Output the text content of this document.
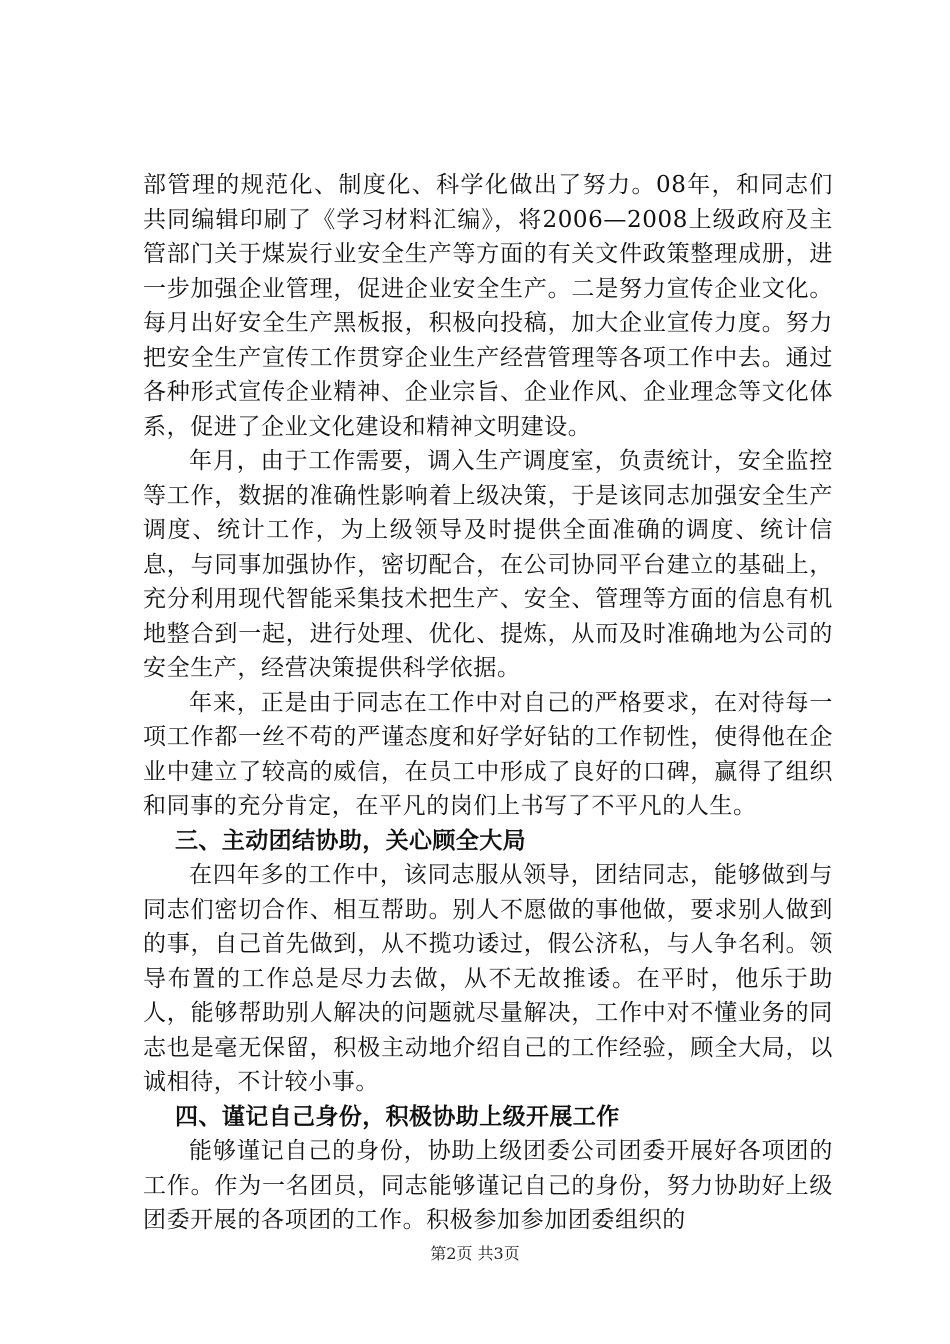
部管理的规范化、制度化、科学化做出了努力。08年，和同志们共同编辑印刷了《学习材料汇编》，将2006—2008上级政府及主管部门关于煤炭行业安全生产等方面的有关文件政策整理成册，进一步加强企业管理，促进企业安全生产。二是努力宣传企业文化。每月出好安全生产黑板报，积极向投稿，加大企业宣传力度。努力把安全生产宣传工作贯穿企业生产经营管理等各项工作中去。通过各种形式宣传企业精神、企业宗旨、企业作风、企业理念等文化体系，促进了企业文化建设和精神文明建设。

年月，由于工作需要，调入生产调度室，负责统计，安全监控等工作，数据的准确性影响着上级决策，于是该同志加强安全生产调度、统计工作，为上级领导及时提供全面准确的调度、统计信息，与同事加强协作，密切配合，在公司协同平台建立的基础上，充分利用现代智能采集技术把生产、安全、管理等方面的信息有机地整合到一起，进行处理、优化、提炼，从而及时准确地为公司的安全生产，经营决策提供科学依据。

年来，正是由于同志在工作中对自己的严格要求，在对待每一项工作都一丝不苟的严谨态度和好学好钻的工作韧性，使得他在企业中建立了较高的威信，在员工中形成了良好的口碑，赢得了组织和同事的充分肯定，在平凡的岗们上书写了不平凡的人生。

三、主动团结协助，关心顾全大局

在四年多的工作中，该同志服从领导，团结同志，能够做到与同志们密切合作、相互帮助。别人不愿做的事他做，要求别人做到的事，自己首先做到，从不揽功诿过，假公济私，与人争名利。领导布置的工作总是尽力去做，从不无故推诿。在平时，他乐于助人，能够帮助别人解决的问题就尽量解决，工作中对不懂业务的同志也是毫无保留，积极主动地介绍自己的工作经验，顾全大局，以诚相待，不计较小事。

四、谨记自己身份，积极协助上级开展工作

能够谨记自己的身份，协助上级团委公司团委开展好各项团的工作。作为一名团员，同志能够谨记自己的身份，努力协助好上级团委开展的各项团的工作。积极参加参加团委组织的

第2页 共3页
